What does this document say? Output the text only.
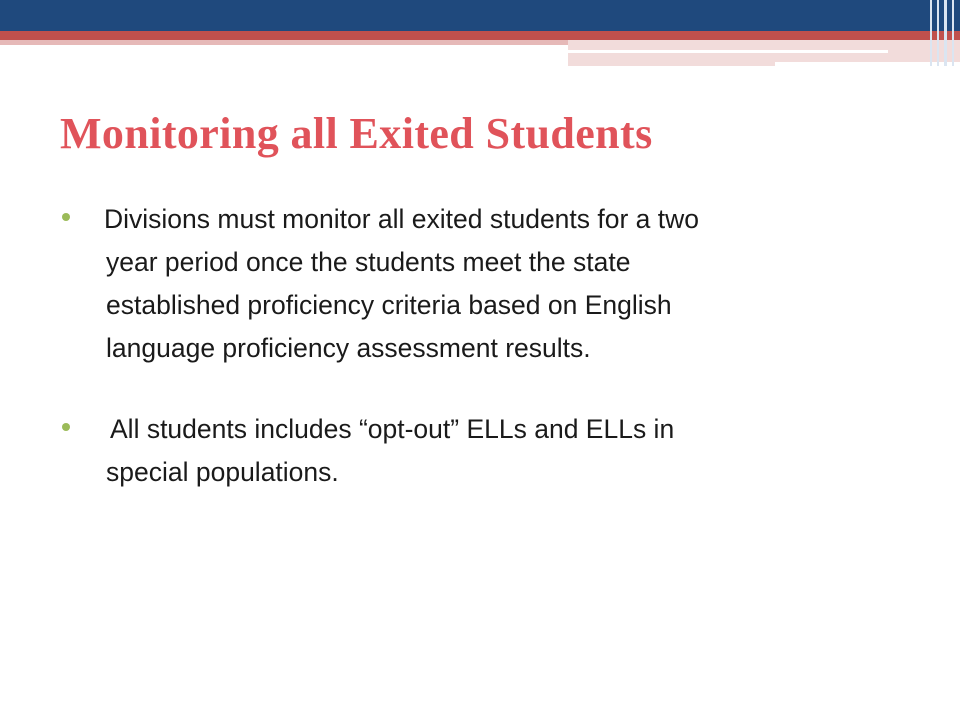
Monitoring all Exited Students
Divisions must monitor all exited students for a two
year period once the students meet the state
established proficiency criteria based on English
language proficiency assessment results.
All students includes “opt-out” ELLs and ELLs in
special populations.
